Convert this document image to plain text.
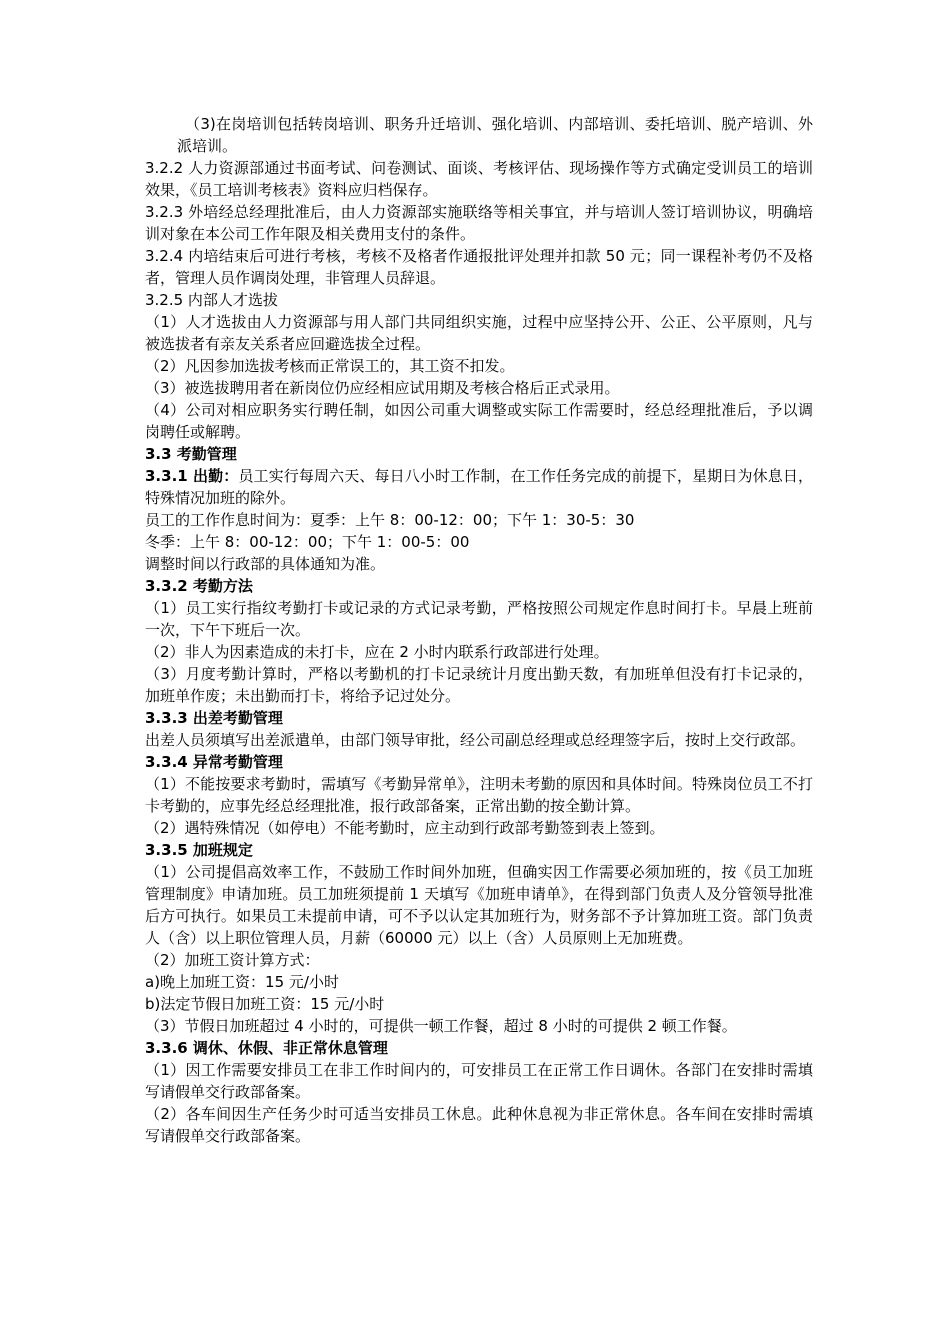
（3)在岗培训包括转岗培训、职务升迁培训、强化培训、内部培训、委托培训、脱产培训、外派培训。

3.2.2 人力资源部通过书面考试、问卷测试、面谈、考核评估、现场操作等方式确定受训员工的培训效果，《员工培训考核表》资料应归档保存。

3.2.3 外培经总经理批准后，由人力资源部实施联络等相关事宜，并与培训人签订培训协议，明确培训对象在本公司工作年限及相关费用支付的条件。

3.2.4 内培结束后可进行考核，考核不及格者作通报批评处理并扣款 50 元；同一课程补考仍不及格者，管理人员作调岗处理，非管理人员辞退。

3.2.5 内部人才选拔

（1）人才选拔由人力资源部与用人部门共同组织实施，过程中应坚持公开、公正、公平原则，凡与被选拔者有亲友关系者应回避选拔全过程。

（2）凡因参加选拔考核而正常误工的，其工资不扣发。

（3）被选拔聘用者在新岗位仍应经相应试用期及考核合格后正式录用。

（4）公司对相应职务实行聘任制，如因公司重大调整或实际工作需要时，经总经理批准后，予以调岗聘任或解聘。

3.3 考勤管理

3.3.1 出勤：员工实行每周六天、每日八小时工作制，在工作任务完成的前提下，星期日为休息日，特殊情况加班的除外。

员工的工作作息时间为：夏季：上午 8：00-12：00；下午 1：30-5：30

冬季：上午 8：00-12：00；下午 1：00-5：00

调整时间以行政部的具体通知为准。

3.3.2 考勤方法

（1）员工实行指纹考勤打卡或记录的方式记录考勤，严格按照公司规定作息时间打卡。早晨上班前一次，下午下班后一次。

（2）非人为因素造成的未打卡，应在 2 小时内联系行政部进行处理。

（3）月度考勤计算时，严格以考勤机的打卡记录统计月度出勤天数，有加班单但没有打卡记录的，加班单作废；未出勤而打卡，将给予记过处分。

3.3.3 出差考勤管理

出差人员须填写出差派遣单，由部门领导审批，经公司副总经理或总经理签字后，按时上交行政部。

3.3.4 异常考勤管理

（1）不能按要求考勤时，需填写《考勤异常单》，注明未考勤的原因和具体时间。特殊岗位员工不打卡考勤的，应事先经总经理批准，报行政部备案，正常出勤的按全勤计算。

（2）遇特殊情况（如停电）不能考勤时，应主动到行政部考勤签到表上签到。

3.3.5 加班规定

（1）公司提倡高效率工作，不鼓励工作时间外加班，但确实因工作需要必须加班的，按《员工加班管理制度》申请加班。员工加班须提前 1 天填写《加班申请单》，在得到部门负责人及分管领导批准后方可执行。如果员工未提前申请，可不予以认定其加班行为，财务部不予计算加班工资。部门负责人（含）以上职位管理人员，月薪（60000 元）以上（含）人员原则上无加班费。

（2）加班工资计算方式：

a)晚上加班工资：15 元/小时

b)法定节假日加班工资：15 元/小时

（3）节假日加班超过 4 小时的，可提供一顿工作餐，超过 8 小时的可提供 2 顿工作餐。

3.3.6 调休、休假、非正常休息管理

（1）因工作需要安排员工在非工作时间内的，可安排员工在正常工作日调休。各部门在安排时需填写请假单交行政部备案。

（2）各车间因生产任务少时可适当安排员工休息。此种休息视为非正常休息。各车间在安排时需填写请假单交行政部备案。
